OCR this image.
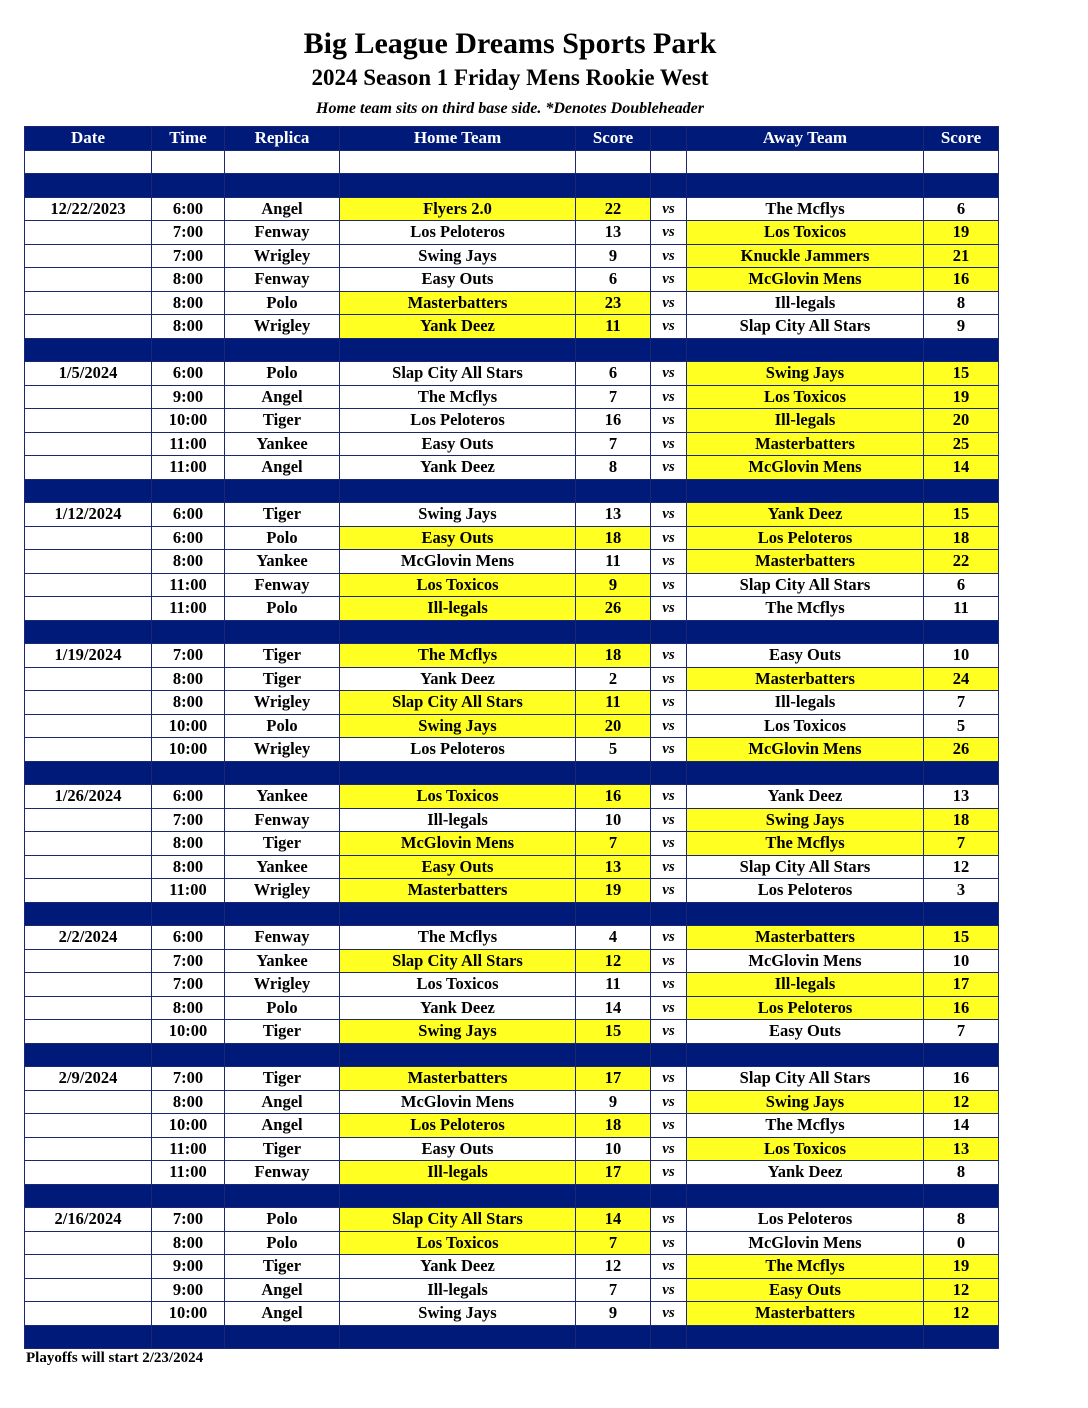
Big League Dreams Sports Park
2024 Season 1 Friday Mens Rookie West
Home team sits on third base side. *Denotes Doubleheader
Date	Time	Replica	Home Team	Score		Away Team	Score

12/22/2023	6:00	Angel	Flyers 2.0	22	vs	The Mcflys	6
	7:00	Fenway	Los Peloteros	13	vs	Los Toxicos	19
	7:00	Wrigley	Swing Jays	9	vs	Knuckle Jammers	21
	8:00	Fenway	Easy Outs	6	vs	McGlovin Mens	16
	8:00	Polo	Masterbatters	23	vs	Ill-legals	8
	8:00	Wrigley	Yank Deez	11	vs	Slap City All Stars	9

1/5/2024	6:00	Polo	Slap City All Stars	6	vs	Swing Jays	15
	9:00	Angel	The Mcflys	7	vs	Los Toxicos	19
	10:00	Tiger	Los Peloteros	16	vs	Ill-legals	20
	11:00	Yankee	Easy Outs	7	vs	Masterbatters	25
	11:00	Angel	Yank Deez	8	vs	McGlovin Mens	14

1/12/2024	6:00	Tiger	Swing Jays	13	vs	Yank Deez	15
	6:00	Polo	Easy Outs	18	vs	Los Peloteros	18
	8:00	Yankee	McGlovin Mens	11	vs	Masterbatters	22
	11:00	Fenway	Los Toxicos	9	vs	Slap City All Stars	6
	11:00	Polo	Ill-legals	26	vs	The Mcflys	11

1/19/2024	7:00	Tiger	The Mcflys	18	vs	Easy Outs	10
	8:00	Tiger	Yank Deez	2	vs	Masterbatters	24
	8:00	Wrigley	Slap City All Stars	11	vs	Ill-legals	7
	10:00	Polo	Swing Jays	20	vs	Los Toxicos	5
	10:00	Wrigley	Los Peloteros	5	vs	McGlovin Mens	26

1/26/2024	6:00	Yankee	Los Toxicos	16	vs	Yank Deez	13
	7:00	Fenway	Ill-legals	10	vs	Swing Jays	18
	8:00	Tiger	McGlovin Mens	7	vs	The Mcflys	7
	8:00	Yankee	Easy Outs	13	vs	Slap City All Stars	12
	11:00	Wrigley	Masterbatters	19	vs	Los Peloteros	3

2/2/2024	6:00	Fenway	The Mcflys	4	vs	Masterbatters	15
	7:00	Yankee	Slap City All Stars	12	vs	McGlovin Mens	10
	7:00	Wrigley	Los Toxicos	11	vs	Ill-legals	17
	8:00	Polo	Yank Deez	14	vs	Los Peloteros	16
	10:00	Tiger	Swing Jays	15	vs	Easy Outs	7

2/9/2024	7:00	Tiger	Masterbatters	17	vs	Slap City All Stars	16
	8:00	Angel	McGlovin Mens	9	vs	Swing Jays	12
	10:00	Angel	Los Peloteros	18	vs	The Mcflys	14
	11:00	Tiger	Easy Outs	10	vs	Los Toxicos	13
	11:00	Fenway	Ill-legals	17	vs	Yank Deez	8

2/16/2024	7:00	Polo	Slap City All Stars	14	vs	Los Peloteros	8
	8:00	Polo	Los Toxicos	7	vs	McGlovin Mens	0
	9:00	Tiger	Yank Deez	12	vs	The Mcflys	19
	9:00	Angel	Ill-legals	7	vs	Easy Outs	12
	10:00	Angel	Swing Jays	9	vs	Masterbatters	12

Playoffs will start 2/23/2024
